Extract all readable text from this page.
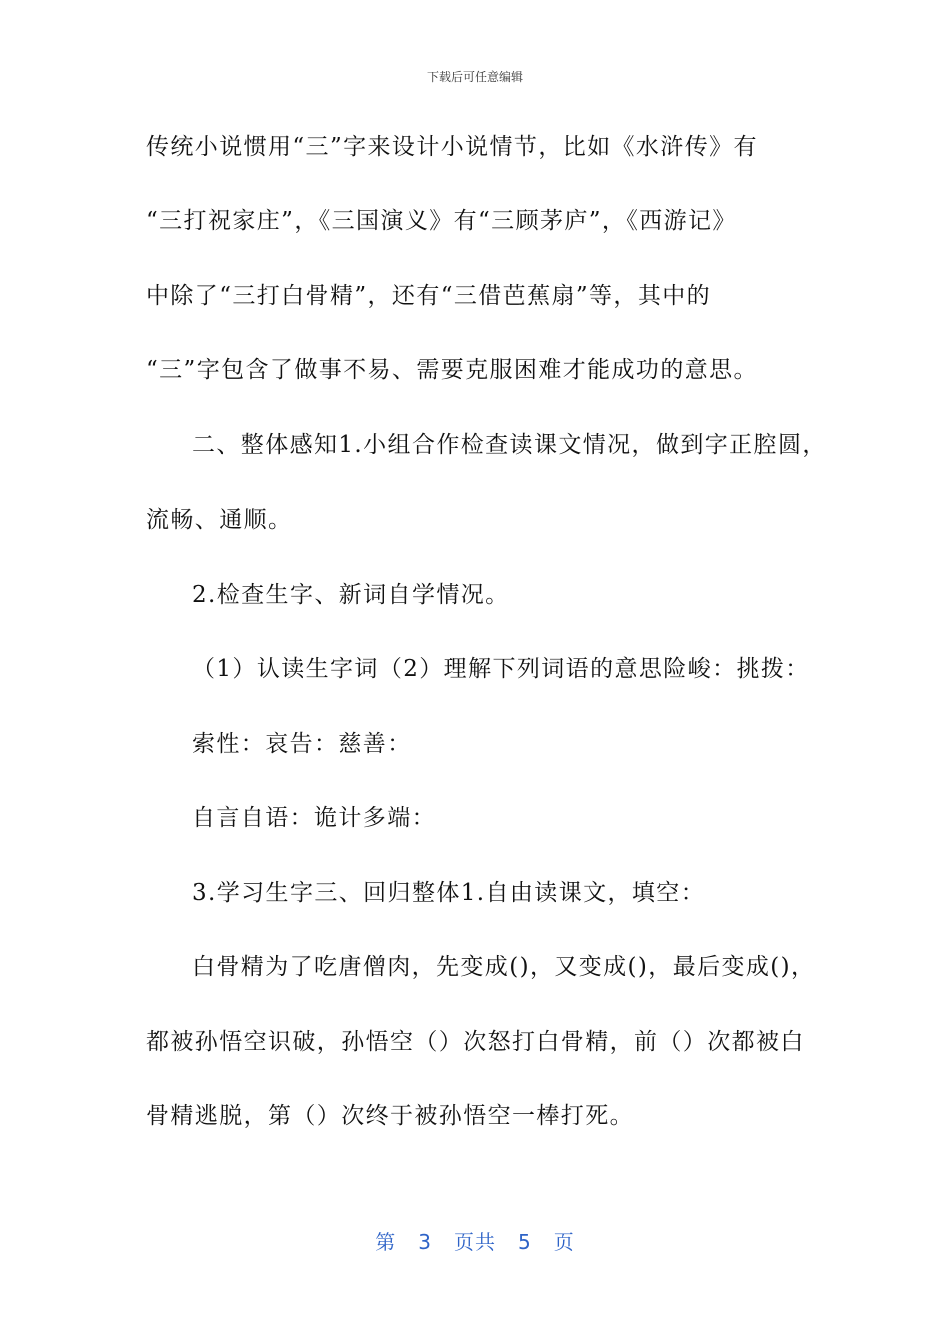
下载后可任意编辑
传统小说惯用“三”字来设计小说情节，比如《水浒传》有
“三打祝家庄”，《三国演义》有“三顾茅庐”，《西游记》
中除了“三打白骨精”，还有“三借芭蕉扇”等，其中的
“三”字包含了做事不易、需要克服困难才能成功的意思。
二、整体感知1.小组合作检查读课文情况，做到字正腔圆，
流畅、通顺。
2.检查生字、新词自学情况。
（1）认读生字词（2）理解下列词语的意思险峻：挑拨：
索性：哀告：慈善：
自言自语：诡计多端：
3.学习生字三、回归整体1.自由读课文，填空：
白骨精为了吃唐僧肉，先变成()，又变成()，最后变成()，
都被孙悟空识破，孙悟空（）次怒打白骨精，前（）次都被白
骨精逃脱，第（）次终于被孙悟空一棒打死。
第 3 页共 5 页
